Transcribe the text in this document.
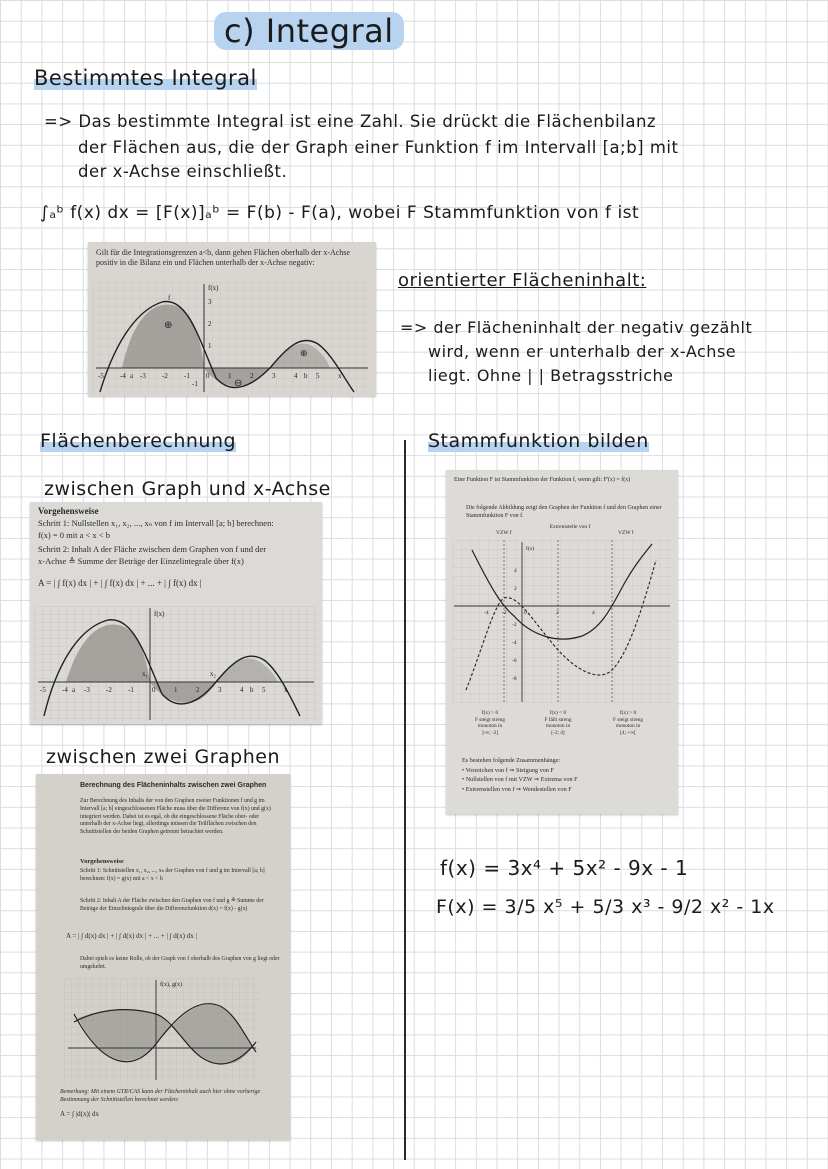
c) Integral
Bestimmtes Integral
=> Das bestimmte Integral ist eine Zahl. Sie drückt die Flächenbilanz
der Flächen aus, die der Graph einer Funktion f im Intervall [a;b] mit
der x-Achse einschließt.
∫ₐᵇ f(x) dx = [F(x)]ₐᵇ = F(b) - F(a), wobei F Stammfunktion von f ist
Gilt für die Integrationsgrenzen a<b, dann gehen Flächen oberhalb der x-Achse positiv in die Bilanz ein und Flächen unterhalb der x-Achse negativ:
f(x)
⊕
⊖
⊕
f
-5 -4 a -3 -2 -1 0	1	2	3	4 b 5	x
3
2
1
-1
orientierter Flächeninhalt:
=> der Flächeninhalt der negativ gezählt
wird, wenn er unterhalb der x-Achse
liegt. Ohne | | Betragsstriche
Flächenberechnung
zwischen Graph und x-Achse
Stammfunktion bilden
Vorgehensweise
Schritt 1: Nullstellen x₁, x₂, ..., xₙ von f im Intervall [a; b] berechnen:
f(x) = 0 mit a < x < b
Schritt 2: Inhalt A der Fläche zwischen dem Graphen von f und der
x-Achse ≙ Summe der Beträge der Einzelintegrale über f(x)
A = | ∫ f(x) dx | + | ∫ f(x) dx | + ... + | ∫ f(x) dx |
f(x)
x₁	x₂
-5 -4 a -3 -2 -1	0	1	2	3	4 b 5	x
zwischen zwei Graphen
Berechnung des Flächeninhalts zwischen zwei Graphen
Zur Berechnung des Inhalts der von den Graphen zweier Funktionen f und g im Intervall [a; b] eingeschlossenen Fläche muss über die Differenz von f(x) und g(x) integriert werden. Dabei ist es egal, ob die eingeschlossene Fläche ober- oder unterhalb der x-Achse liegt, allerdings müssen die Teilflächen zwischen den Schnittstellen der beiden Graphen getrennt betrachtet werden.
Vorgehensweise
Schritt 1: Schnittstellen x₁, x₂, ..., xₙ der Graphen von f und g im Intervall [a; b] berechnen: f(x) = g(x) mit a < x < b
Schritt 2: Inhalt A der Fläche zwischen den Graphen von f und g ≙ Summe der Beträge der Einzelintegrale über die Differenzfunktion d(x) = f(x) - g(x)
A = | ∫ d(x) dx | + | ∫ d(x) dx | + ... + | ∫ d(x) dx |
Dabei spielt es keine Rolle, ob der Graph von f oberhalb des Graphen von g liegt oder umgekehrt.
f(x), g(x)
Bemerkung: Mit einem GTR/CAS kann der Flächeninhalt auch hier ohne vorherige Bestimmung der Schnittstellen berechnet werden:
A = ∫ |d(x)| dx
Eine Funktion F ist Stammfunktion der Funktion f, wenn gilt: F'(x) = f(x)
Die folgende Abbildung zeigt den Graphen der Funktion f und den Graphen einer Stammfunktion F von f.
VZW f
Extremstelle von f
VZW f
f(x)
-4 -2	0	2	4
4
2
-2
-4
-6
-8
f(x) > 0
F steigt streng
monoton in
]-∞; -2]
f(x) < 0
F fällt streng
monoton in
[-2; 4]
f(x) > 0
F steigt streng
monoton in
[4; +∞[
Es bestehen folgende Zusammenhänge:
• Vorzeichen von f ⇒ Steigung von F
• Nullstellen von f mit VZW ⇒ Extrema von F
• Extremstellen von f ⇒ Wendestellen von F
f(x) = 3x⁴ + 5x² - 9x - 1
F(x) = 3/5 x⁵ + 5/3 x³ - 9/2 x² - 1x
